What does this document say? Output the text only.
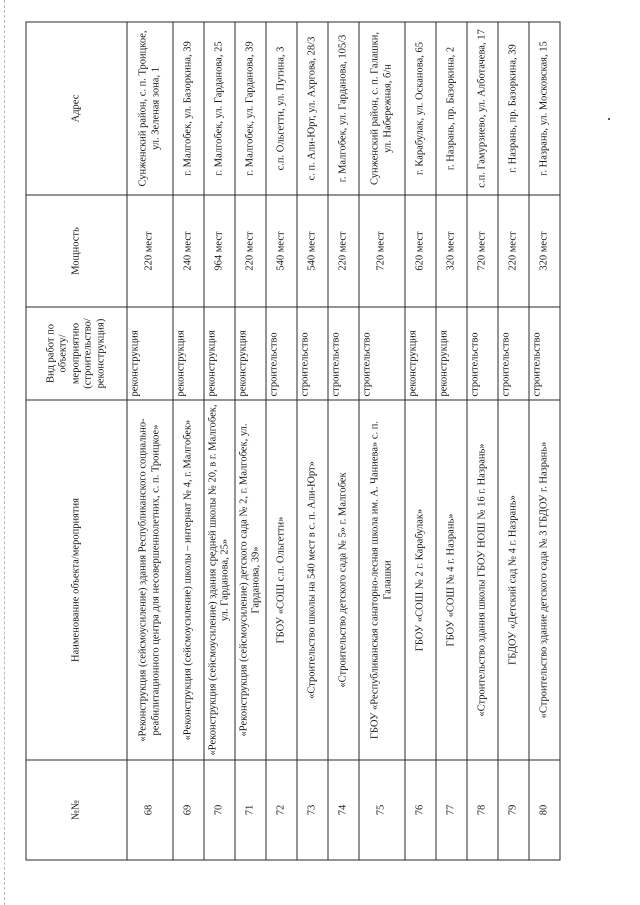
№№	Наименование объекта/мероприятия	Вид работ по объекту/ мероприятию (строительство/ реконструкция)	Мощность	Адрес
68	«Реконструкция (сейсмоусиление) здания Республиканского социально-реабилитационного центра для несовершеннолетних, с. п. Троицкое»	реконструкция	220 мест	Сунженский район, с. п. Троицкое, ул. Зеленая зона, 1
69	«Реконструкция (сейсмоусиление) школы – интернат № 4, г. Малгобек»	реконструкция	240 мест	г. Малгобек, ул. Базоркина, 39
70	«Реконструкция (сейсмоусиление) здания средней школы № 20, в г. Малгобек, ул. Гарданова, 25»	реконструкция	964 мест	г. Малгобек, ул. Гарданова, 25
71	«Реконструкция (сейсмоусиление) детского сада № 2, г. Малгобек, ул. Гарданова, 39»	реконструкция	220 мест	г. Малгобек, ул. Гарданова, 39
72	ГБОУ «СОШ с.п. Ольгетти»	строительство	540 мест	с.п. Ольгетти, ул. Путина, 3
73	«Строительство школы на 540 мест в с. п. Али-Юрт»	строительство	540 мест	с. п. Али-Юрт, ул. Ахргова, 28/3
74	«Строительство детского сада № 5» г. Малгобек	строительство	220 мест	г. Малгобек, ул. Гарданова, 105/3
75	ГБОУ «Республиканская санаторно-лесная школа им. А. Чаниева» с. п. Галашки	строительство	720 мест	Сунженский район, с. п. Галашки, ул. Набережная, б/н
76	ГБОУ «СОШ № 2 г. Карабулак»	реконструкция	620 мест	г. Карабулак, ул. Осканова, 65
77	ГБОУ «СОШ № 4 г. Назрань»	реконструкция	320 мест	г. Назрань, пр. Базоркина, 2
78	«Строительство здания школы ГБОУ НОШ № 16 г. Назрань»	строительство	720 мест	с.п. Гамурзиево, ул. Алботачева, 17
79	ГБДОУ «Детский сад № 4 г. Назрань»	строительство	220 мест	г. Назрань, пр. Базоркина, 39
80	«Строительство здание детского сада № 3 ГБДОУ г. Назрань»	строительство	320 мест	г. Назрань, ул. Московская, 15
